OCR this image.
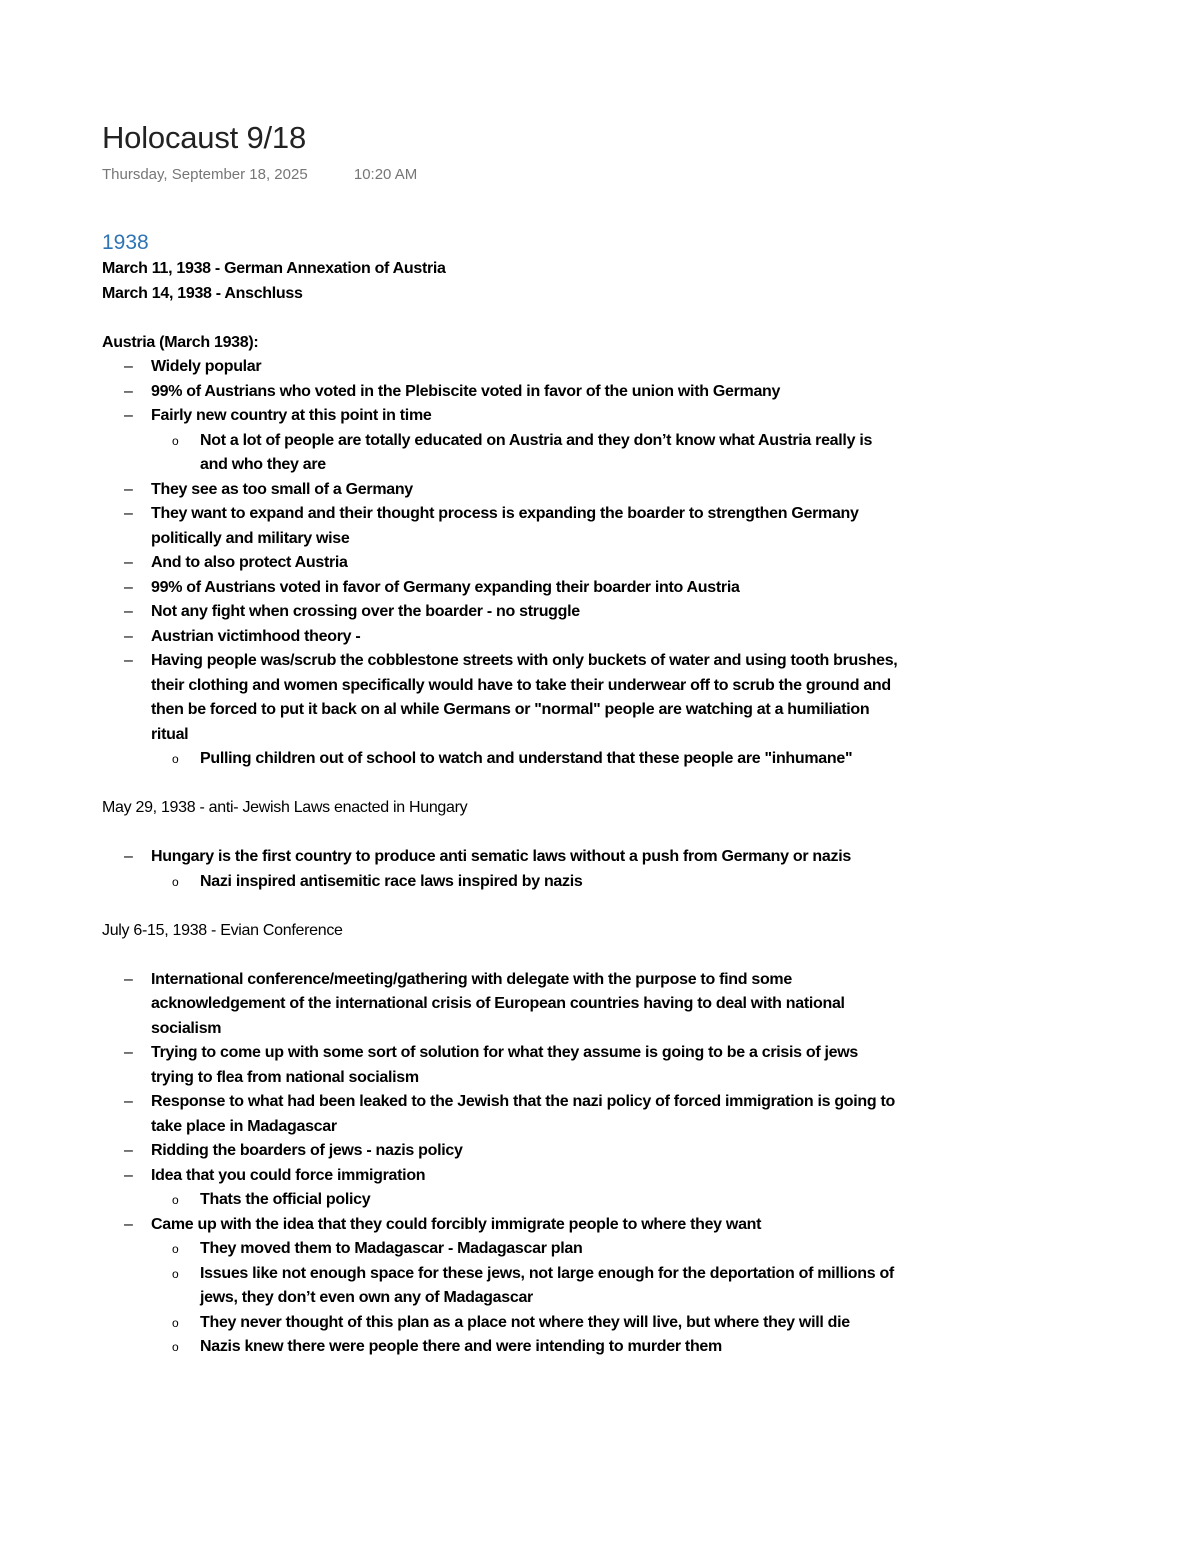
Holocaust 9/18
Thursday, September 18, 2025	10:20 AM
1938
March 11, 1938 - German Annexation of Austria
March 14, 1938 - Anschluss
Austria (March 1938):
– Widely popular
– 99% of Austrians who voted in the Plebiscite voted in favor of the union with Germany
– Fairly new country at this point in time
o Not a lot of people are totally educated on Austria and they don’t know what Austria really is and who they are
– They see as too small of a Germany
– They want to expand and their thought process is expanding the boarder to strengthen Germany politically and military wise
– And to also protect Austria
– 99% of Austrians voted in favor of Germany expanding their boarder into Austria
– Not any fight when crossing over the boarder - no struggle
– Austrian victimhood theory -
– Having people was/scrub the cobblestone streets with only buckets of water and using tooth brushes, their clothing and women specifically would have to take their underwear off to scrub the ground and then be forced to put it back on al while Germans or "normal" people are watching at a humiliation ritual
o Pulling children out of school to watch and understand that these people are "inhumane"
May 29, 1938 - anti- Jewish Laws enacted in Hungary
– Hungary is the first country to produce anti sematic laws without a push from Germany or nazis
o Nazi inspired antisemitic race laws inspired by nazis
July 6-15, 1938 - Evian Conference
– International conference/meeting/gathering with delegate with the purpose to find some acknowledgement of the international crisis of European countries having to deal with national socialism
– Trying to come up with some sort of solution for what they assume is going to be a crisis of jews trying to flea from national socialism
– Response to what had been leaked to the Jewish that the nazi policy of forced immigration is going to take place in Madagascar
– Ridding the boarders of jews - nazis policy
– Idea that you could force immigration
o Thats the official policy
– Came up with the idea that they could forcibly immigrate people to where they want
o They moved them to Madagascar - Madagascar plan
o Issues like not enough space for these jews, not large enough for the deportation of millions of jews, they don’t even own any of Madagascar
o They never thought of this plan as a place not where they will live, but where they will die
o Nazis knew there were people there and were intending to murder them
